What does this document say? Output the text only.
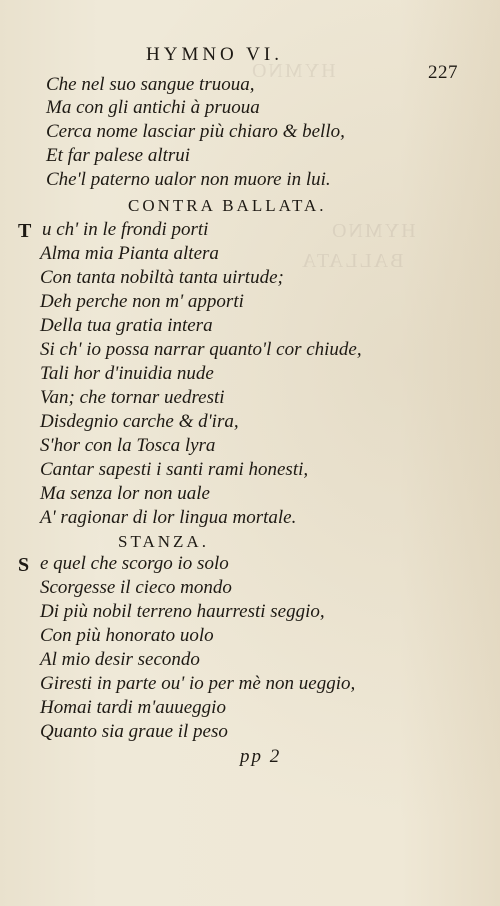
HYMNO
HYMNO
BALLATA
HYMNO VI.
227
Che nel suo sangue truoua,
Ma con gli antichi à pruoua
Cerca nome lasciar più chiaro & bello,
Et far palese altrui
Che'l paterno ualor non muore in lui.
CONTRA BALLATA.
T u ch' in le frondi porti
Alma mia Pianta altera
Con tanta nobiltà tanta uirtude;
Deh perche non m' apporti
Della tua gratia intera
Si ch' io possa narrar quanto'l cor chiude,
Tali hor d'inuidia nude
Van; che tornar uedresti
Disdegnio carche & d'ira,
S'hor con la Tosca lyra
Cantar sapesti i santi rami honesti,
Ma senza lor non uale
A' ragionar di lor lingua mortale.
STANZA.
S e quel che scorgo io solo
Scorgesse il cieco mondo
Di più nobil terreno haurresti seggio,
Con più honorato uolo
Al mio desir secondo
Giresti in parte ou' io per mè non ueggio,
Homai tardi m'auueggio
Quanto sia graue il peso
pp 2
